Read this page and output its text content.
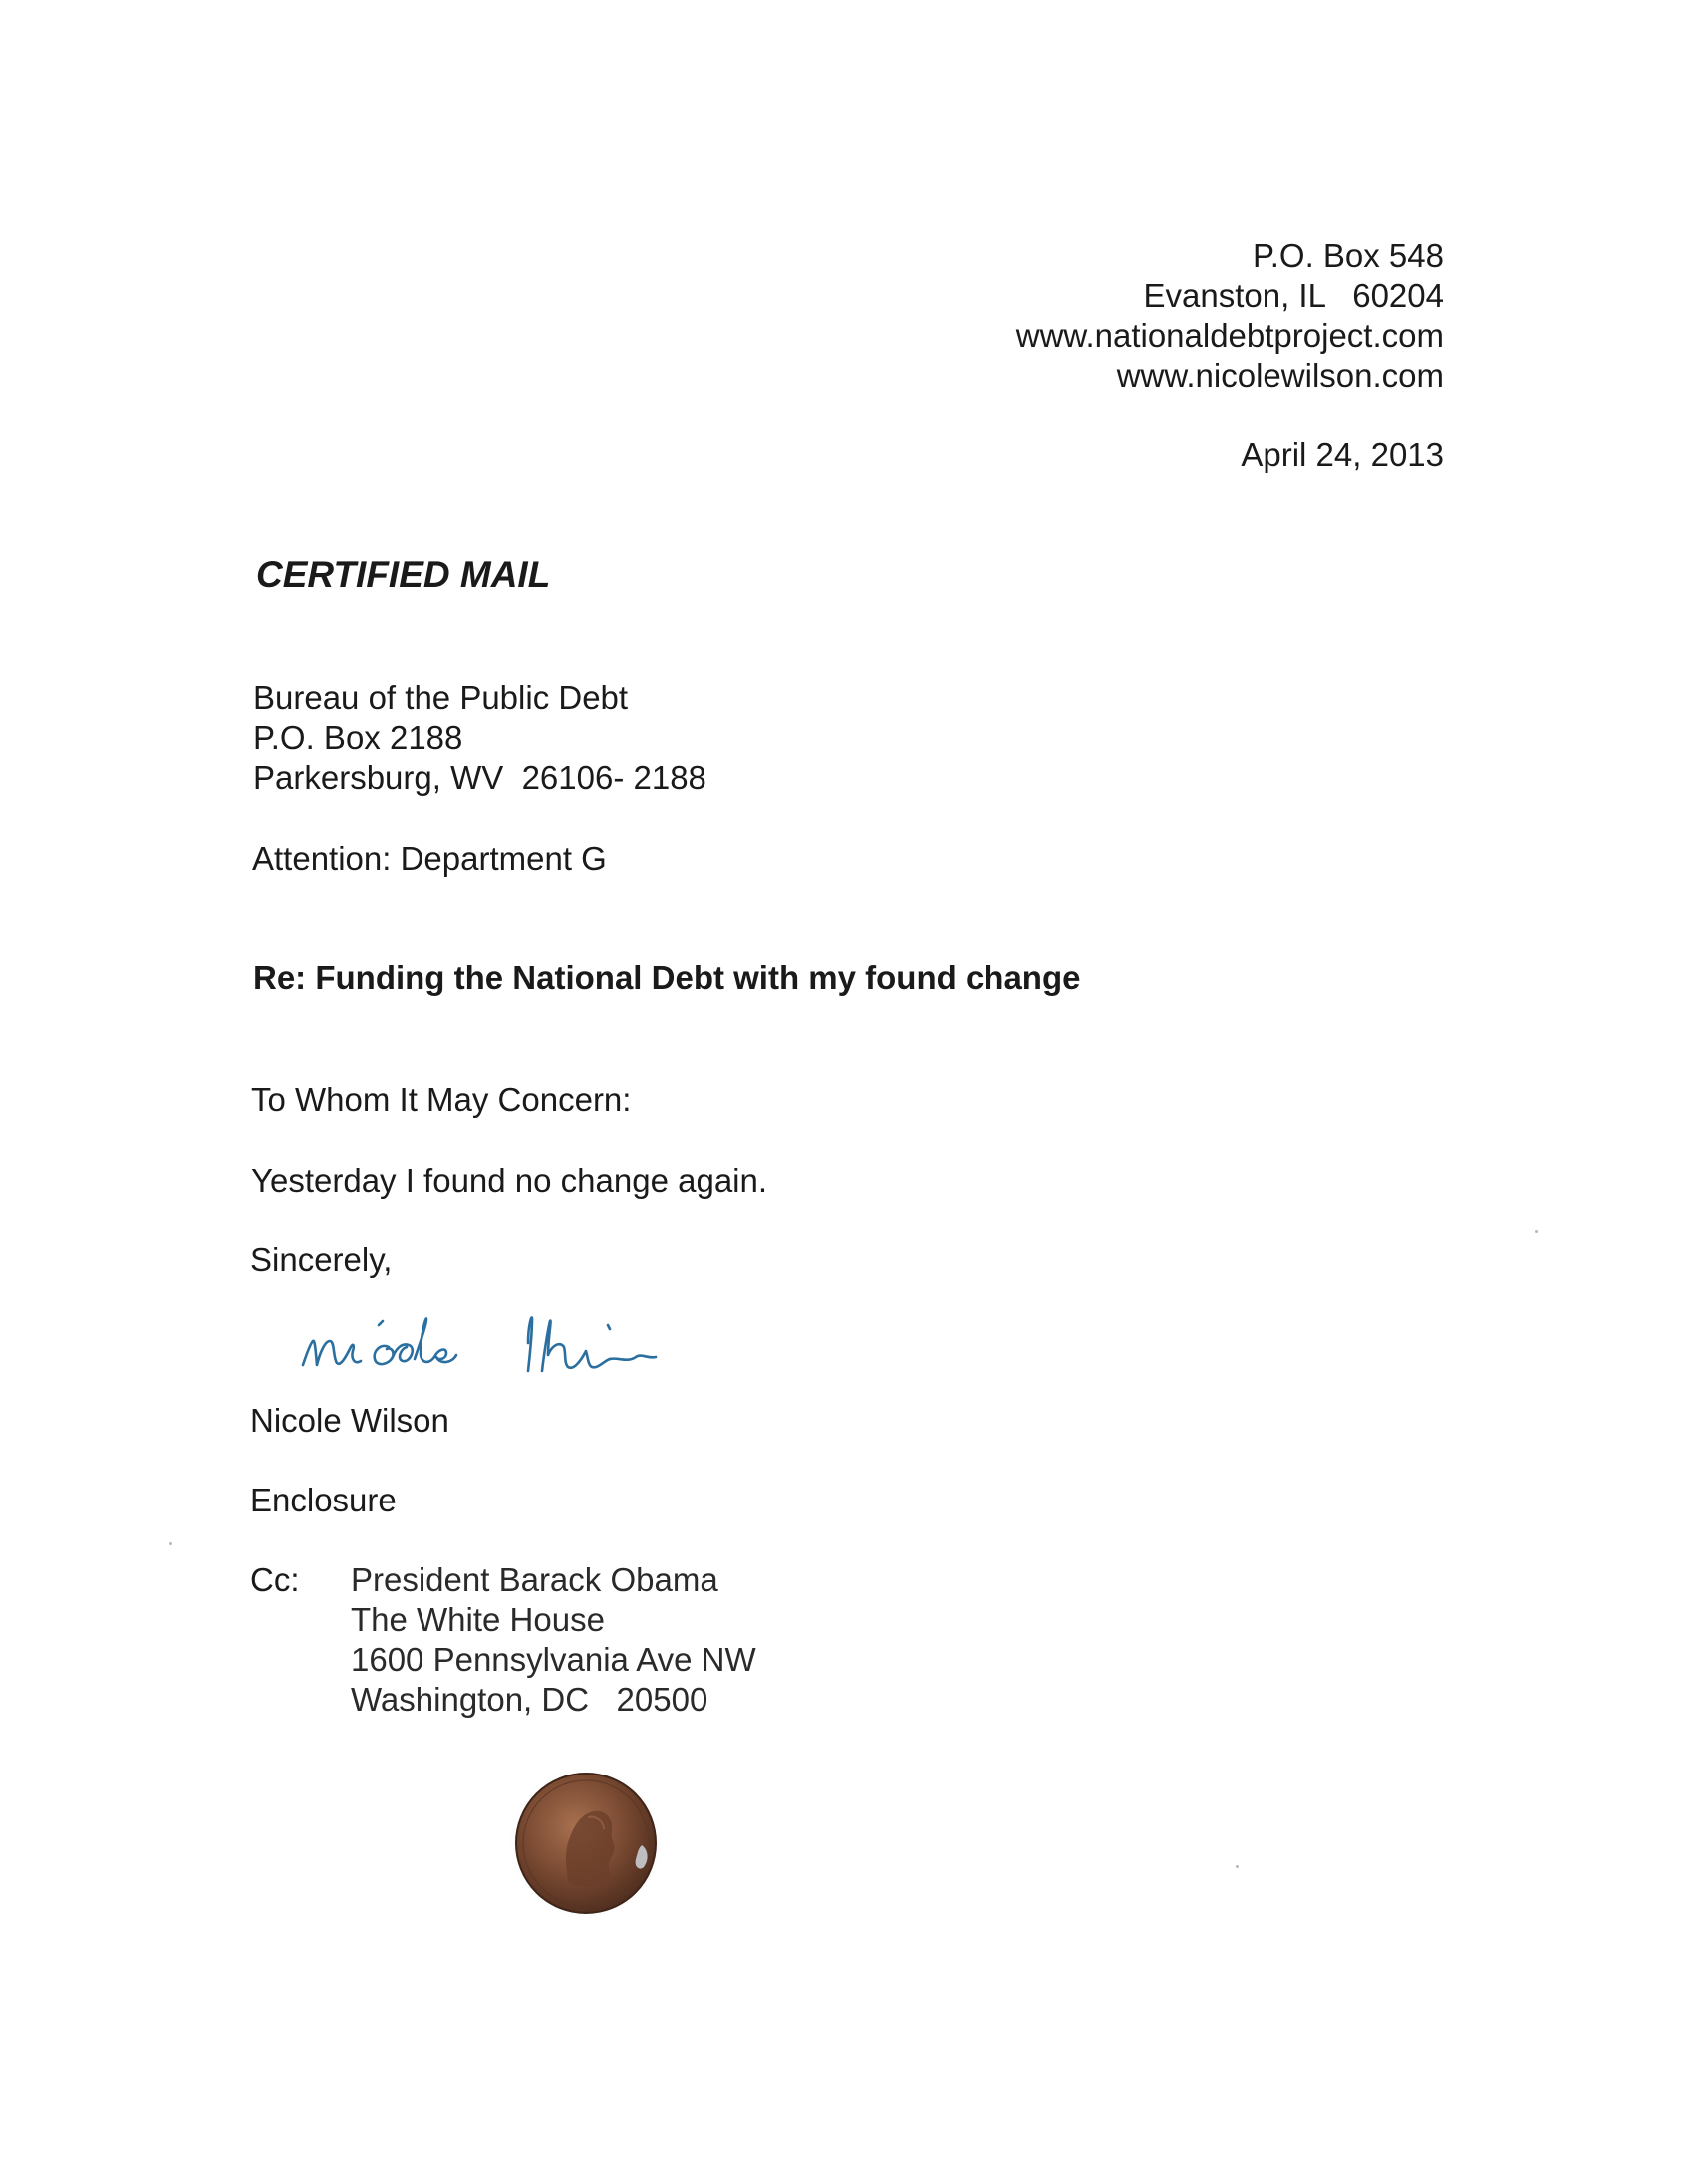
P.O. Box 548
Evanston, IL   60204
www.nationaldebtproject.com
www.nicolewilson.com
April 24, 2013
CERTIFIED MAIL
Bureau of the Public Debt
P.O. Box 2188
Parkersburg, WV  26106- 2188
Attention: Department G
Re: Funding the National Debt with my found change
To Whom It May Concern:
Yesterday I found no change again.
Sincerely,
Nicole Wilson
Enclosure
Cc: President Barack Obama
The White House
1600 Pennsylvania Ave NW
Washington, DC   20500
